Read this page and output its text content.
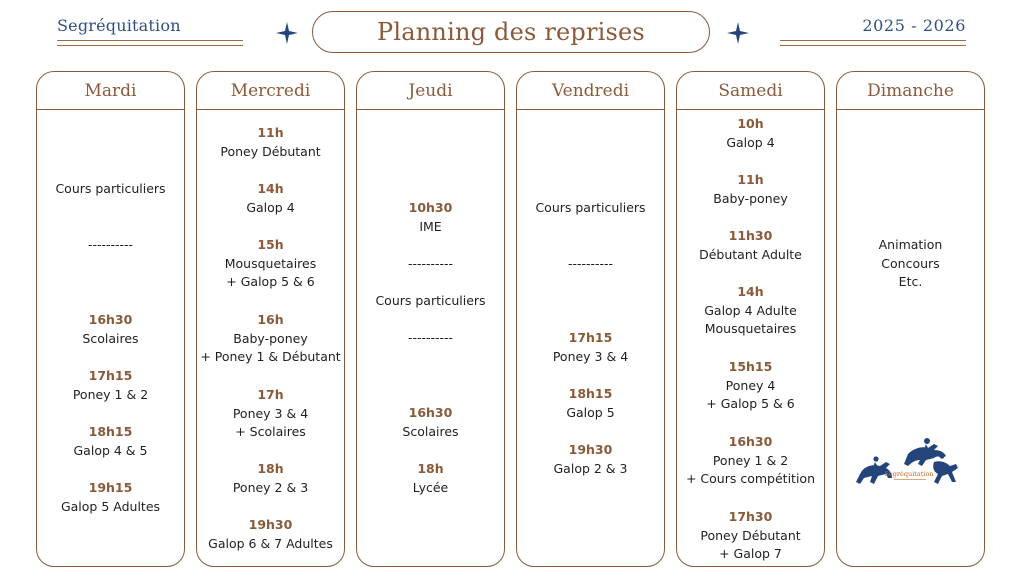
Segréquitation	Planning des reprises	2025 - 2026
Mardi
Cours particuliers
----------
16h30
Scolaires
17h15
Poney 1 & 2
18h15
Galop 4 & 5
19h15
Galop 5 Adultes
Mercredi
11h
Poney Débutant
14h
Galop 4
15h
Mousquetaires
+ Galop 5 & 6
16h
Baby-poney
+ Poney 1 & Débutant
17h
Poney 3 & 4
+ Scolaires
18h
Poney 2 & 3
19h30
Galop 6 & 7 Adultes
Jeudi
10h30
IME
----------
Cours particuliers
----------
16h30
Scolaires
18h
Lycée
Vendredi
Cours particuliers
----------
17h15
Poney 3 & 4
18h15
Galop 5
19h30
Galop 2 & 3
Samedi
10h
Galop 4
11h
Baby-poney
11h30
Débutant Adulte
14h
Galop 4 Adulte
Mousquetaires
15h15
Poney 4
+ Galop 5 & 6
16h30
Poney 1 & 2
+ Cours compétition
17h30
Poney Débutant
+ Galop 7
Dimanche
Animation
Concours
Etc.
Segréquitation
